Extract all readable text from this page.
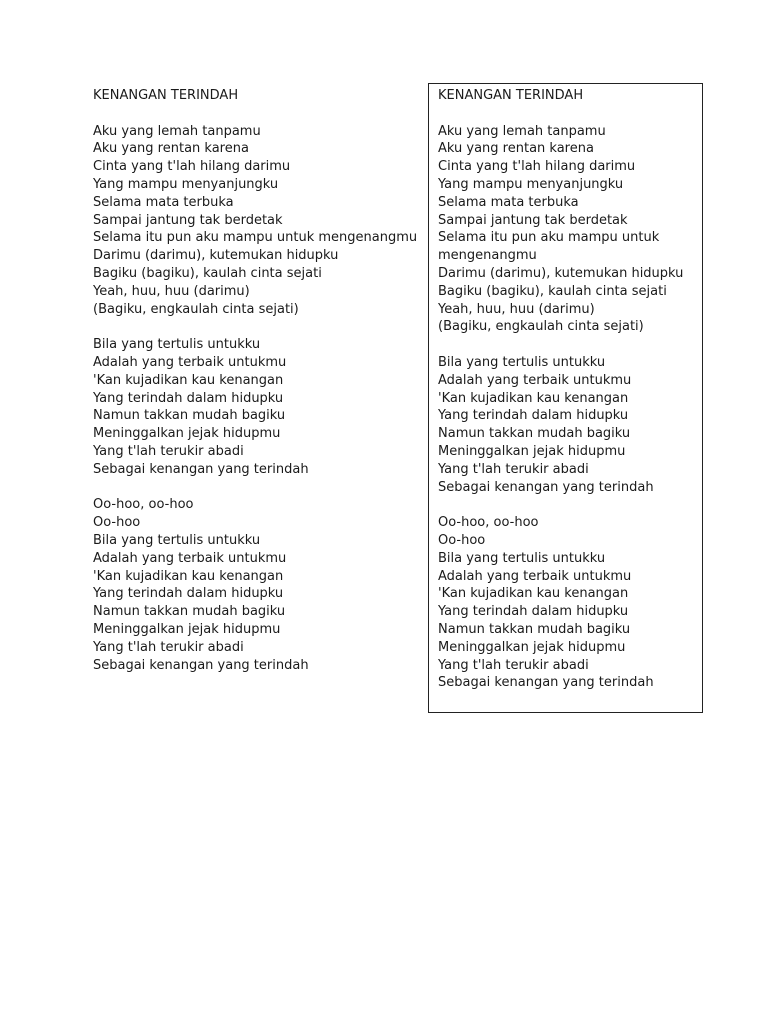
KENANGAN TERINDAH
Aku yang lemah tanpamu
Aku yang rentan karena
Cinta yang t'lah hilang darimu
Yang mampu menyanjungku
Selama mata terbuka
Sampai jantung tak berdetak
Selama itu pun aku mampu untuk mengenangmu
Darimu (darimu), kutemukan hidupku
Bagiku (bagiku), kaulah cinta sejati
Yeah, huu, huu (darimu)
(Bagiku, engkaulah cinta sejati)
Bila yang tertulis untukku
Adalah yang terbaik untukmu
'Kan kujadikan kau kenangan
Yang terindah dalam hidupku
Namun takkan mudah bagiku
Meninggalkan jejak hidupmu
Yang t'lah terukir abadi
Sebagai kenangan yang terindah
Oo-hoo, oo-hoo
Oo-hoo
Bila yang tertulis untukku
Adalah yang terbaik untukmu
'Kan kujadikan kau kenangan
Yang terindah dalam hidupku
Namun takkan mudah bagiku
Meninggalkan jejak hidupmu
Yang t'lah terukir abadi
Sebagai kenangan yang terindah
KENANGAN TERINDAH
Aku yang lemah tanpamu
Aku yang rentan karena
Cinta yang t'lah hilang darimu
Yang mampu menyanjungku
Selama mata terbuka
Sampai jantung tak berdetak
Selama itu pun aku mampu untuk
mengenangmu
Darimu (darimu), kutemukan hidupku
Bagiku (bagiku), kaulah cinta sejati
Yeah, huu, huu (darimu)
(Bagiku, engkaulah cinta sejati)
Bila yang tertulis untukku
Adalah yang terbaik untukmu
'Kan kujadikan kau kenangan
Yang terindah dalam hidupku
Namun takkan mudah bagiku
Meninggalkan jejak hidupmu
Yang t'lah terukir abadi
Sebagai kenangan yang terindah
Oo-hoo, oo-hoo
Oo-hoo
Bila yang tertulis untukku
Adalah yang terbaik untukmu
'Kan kujadikan kau kenangan
Yang terindah dalam hidupku
Namun takkan mudah bagiku
Meninggalkan jejak hidupmu
Yang t'lah terukir abadi
Sebagai kenangan yang terindah
